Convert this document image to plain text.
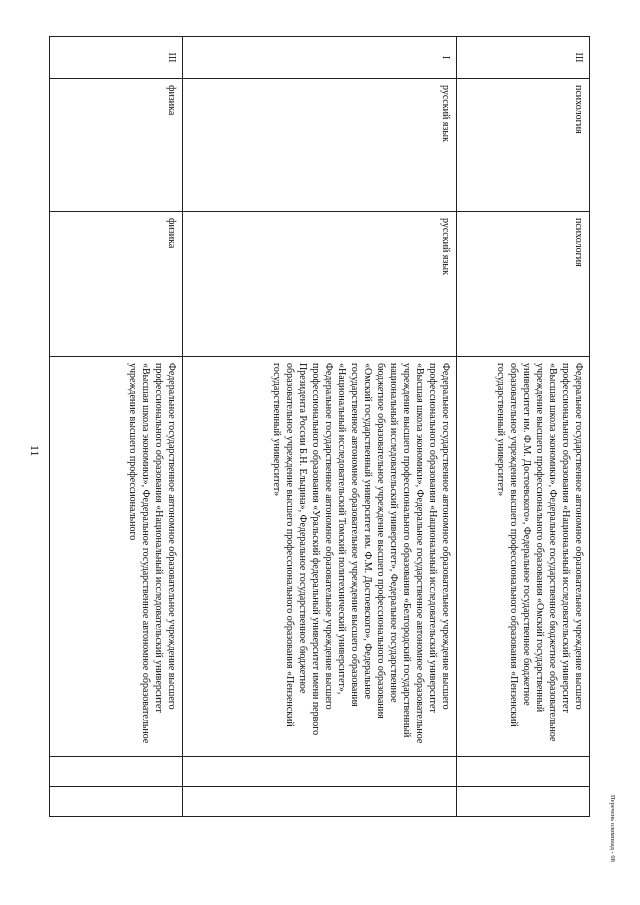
11
III	психология	психология	Федеральное государственное автономное образовательное учреждение высшего профессионального образования «Национальный исследовательский университет «Высшая школа экономики», Федеральное государственное бюджетное образовательное учреждение высшего профессионального образования «Омский государственный университет им. Ф.М. Достоевского», Федеральное государственное бюджетное образовательное учреждение высшего профессионального образования «Пензенский государственный университет»		
I	русский язык	русский язык	Федеральное государственное автономное образовательное учреждение высшего профессионального образования «Национальный исследовательский университет «Высшая школа экономики», Федеральное государственное автономное образовательное учреждение высшего профессионального образования «Белгородский государственный национальный исследовательский университет», Федеральное государственное бюджетное образовательное учреждение высшего профессионального образования «Омский государственный университет им. Ф.М. Достоевского», Федеральное государственное автономное образовательное учреждение высшего образования «Национальный исследовательский Томский политехнический университет», Федеральное государственное автономное образовательное учреждение высшего профессионального образования «Уральский федеральный университет имени первого Президента России Б.Н. Ельцина», Федеральное государственное бюджетное образовательное учреждение высшего профессионального образования «Пензенский государственный университет»		
III	физика	физика	Федеральное государственное автономное образовательное учреждение высшего профессионального образования «Национальный исследовательский университет «Высшая школа экономики», Федеральное государственное автономное образовательное учреждение высшего профессионального		
Перечень олимпиад - 08
